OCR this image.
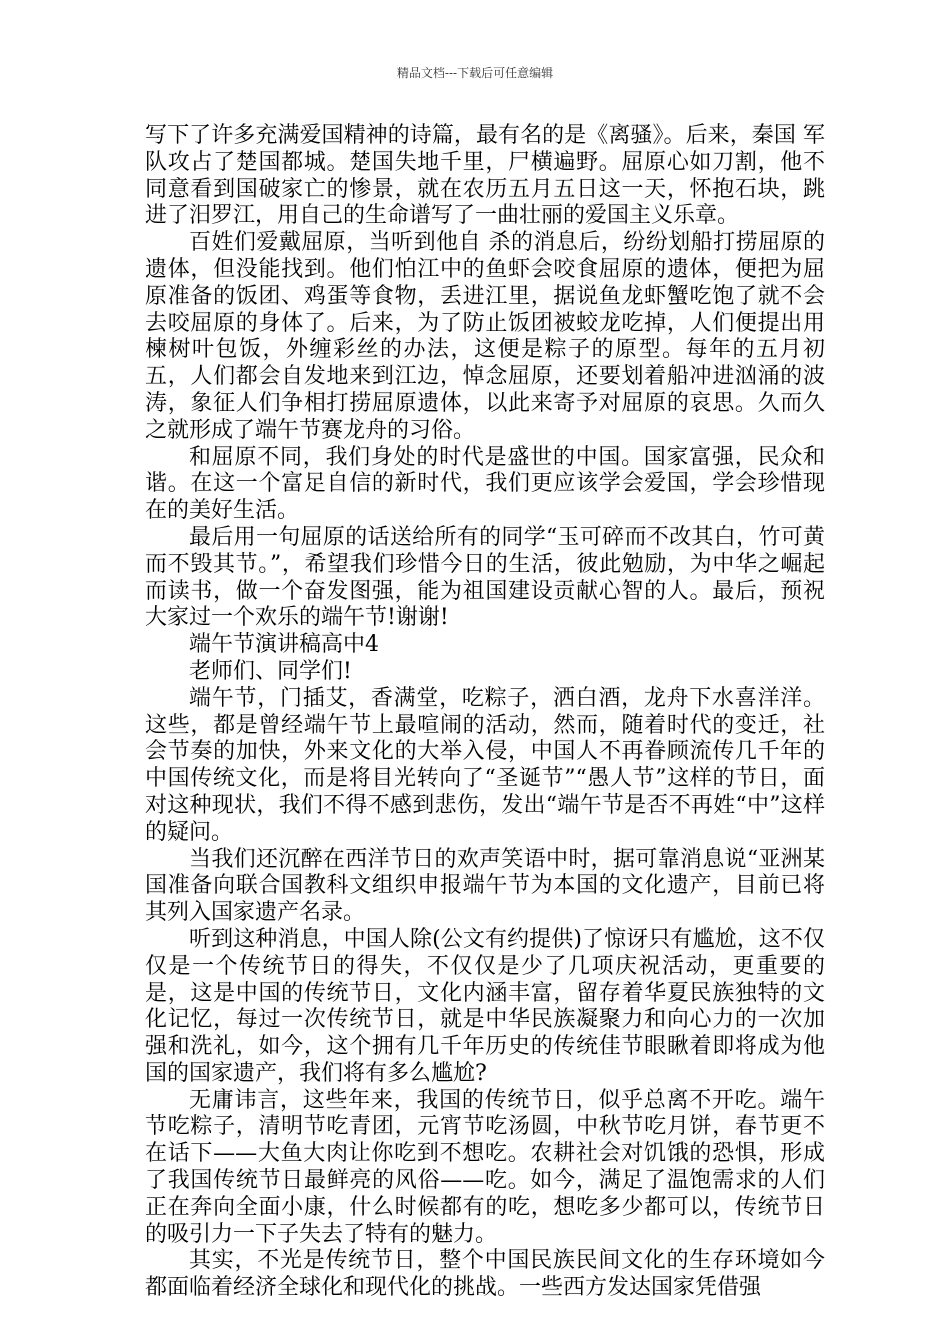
精品文档---下载后可任意编辑

写下了许多充满爱国精神的诗篇，最有名的是《离骚》。后来，秦国 军队攻占了楚国都城。楚国失地千里，尸横遍野。屈原心如刀割，他不同意看到国破家亡的惨景，就在农历五月五日这一天，怀抱石块，跳进了汨罗江，用自己的生命谱写了一曲壮丽的爱国主义乐章。

百姓们爱戴屈原，当听到他自 杀的消息后，纷纷划船打捞屈原的遗体，但没能找到。他们怕江中的鱼虾会咬食屈原的遗体，便把为屈原准备的饭团、鸡蛋等食物，丢进江里，据说鱼龙虾蟹吃饱了就不会去咬屈原的身体了。后来，为了防止饭团被蛟龙吃掉，人们便提出用楝树叶包饭，外缠彩丝的办法，这便是粽子的原型。每年的五月初五，人们都会自发地来到江边，悼念屈原，还要划着船冲进汹涌的波涛，象征人们争相打捞屈原遗体，以此来寄予对屈原的哀思。久而久之就形成了端午节赛龙舟的习俗。

和屈原不同，我们身处的时代是盛世的中国。国家富强，民众和谐。在这一个富足自信的新时代，我们更应该学会爱国，学会珍惜现在的美好生活。

最后用一句屈原的话送给所有的同学“玉可碎而不改其白，竹可黄而不毁其节。”，希望我们珍惜今日的生活，彼此勉励，为中华之崛起而读书，做一个奋发图强，能为祖国建设贡献心智的人。最后，预祝大家过一个欢乐的端午节!谢谢!

端午节演讲稿高中4

老师们、同学们!

端午节，门插艾，香满堂，吃粽子，洒白酒，龙舟下水喜洋洋。这些，都是曾经端午节上最喧闹的活动，然而，随着时代的变迁，社会节奏的加快，外来文化的大举入侵，中国人不再眷顾流传几千年的中国传统文化，而是将目光转向了“圣诞节”“愚人节”这样的节日，面对这种现状，我们不得不感到悲伤，发出“端午节是否不再姓“中”这样的疑问。

当我们还沉醉在西洋节日的欢声笑语中时，据可靠消息说“亚洲某国准备向联合国教科文组织申报端午节为本国的文化遗产，目前已将其列入国家遗产名录。

听到这种消息，中国人除(公文有约提供)了惊讶只有尴尬，这不仅仅是一个传统节日的得失，不仅仅是少了几项庆祝活动，更重要的是，这是中国的传统节日，文化内涵丰富，留存着华夏民族独特的文化记忆，每过一次传统节日，就是中华民族凝聚力和向心力的一次加强和洗礼，如今，这个拥有几千年历史的传统佳节眼瞅着即将成为他国的国家遗产，我们将有多么尴尬?

无庸讳言，这些年来，我国的传统节日，似乎总离不开吃。端午节吃粽子，清明节吃青团，元宵节吃汤圆，中秋节吃月饼，春节更不在话下——大鱼大肉让你吃到不想吃。农耕社会对饥饿的恐惧，形成了我国传统节日最鲜亮的风俗——吃。如今，满足了温饱需求的人们正在奔向全面小康，什么时候都有的吃，想吃多少都可以，传统节日的吸引力一下子失去了特有的魅力。

其实，不光是传统节日，整个中国民族民间文化的生存环境如今都面临着经济全球化和现代化的挑战。一些西方发达国家凭借强
